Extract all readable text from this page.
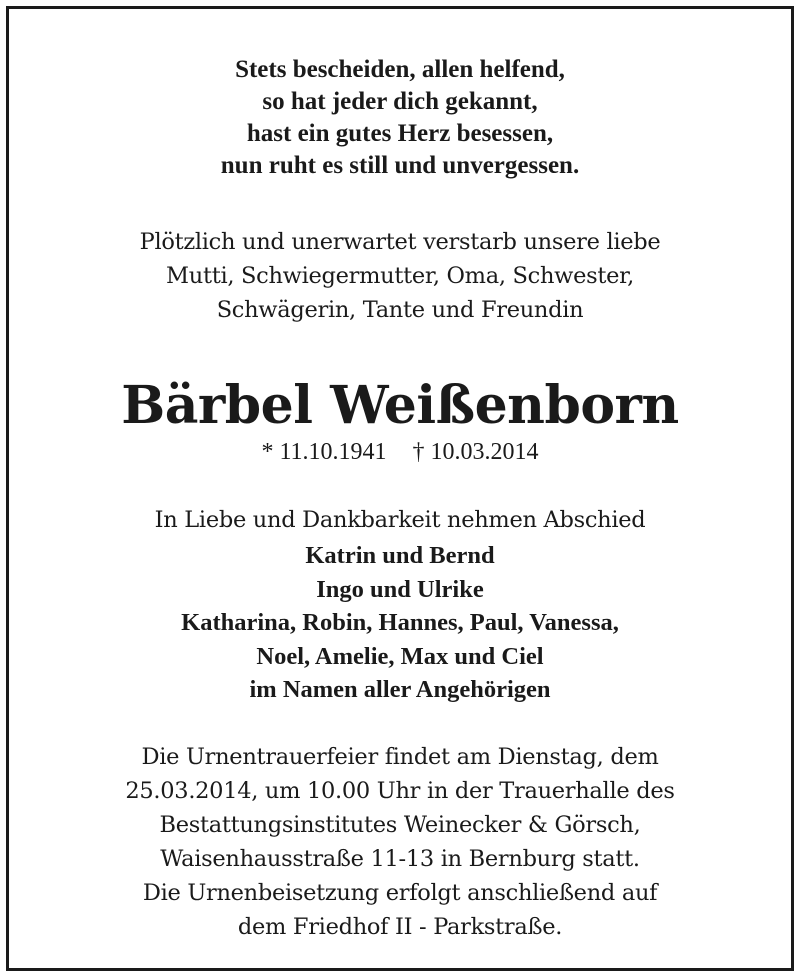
Stets bescheiden, allen helfend,
so hat jeder dich gekannt,
hast ein gutes Herz besessen,
nun ruht es still und unvergessen.
Plötzlich und unerwartet verstarb unsere liebe
Mutti, Schwiegermutter, Oma, Schwester,
Schwägerin, Tante und Freundin
Bärbel Weißenborn
* 11.10.1941 † 10.03.2014
In Liebe und Dankbarkeit nehmen Abschied
Katrin und Bernd
Ingo und Ulrike
Katharina, Robin, Hannes, Paul, Vanessa,
Noel, Amelie, Max und Ciel
im Namen aller Angehörigen
Die Urnentrauerfeier findet am Dienstag, dem
25.03.2014, um 10.00 Uhr in der Trauerhalle des
Bestattungsinstitutes Weinecker & Görsch,
Waisenhausstraße 11-13 in Bernburg statt.
Die Urnenbeisetzung erfolgt anschließend auf
dem Friedhof II - Parkstraße.
